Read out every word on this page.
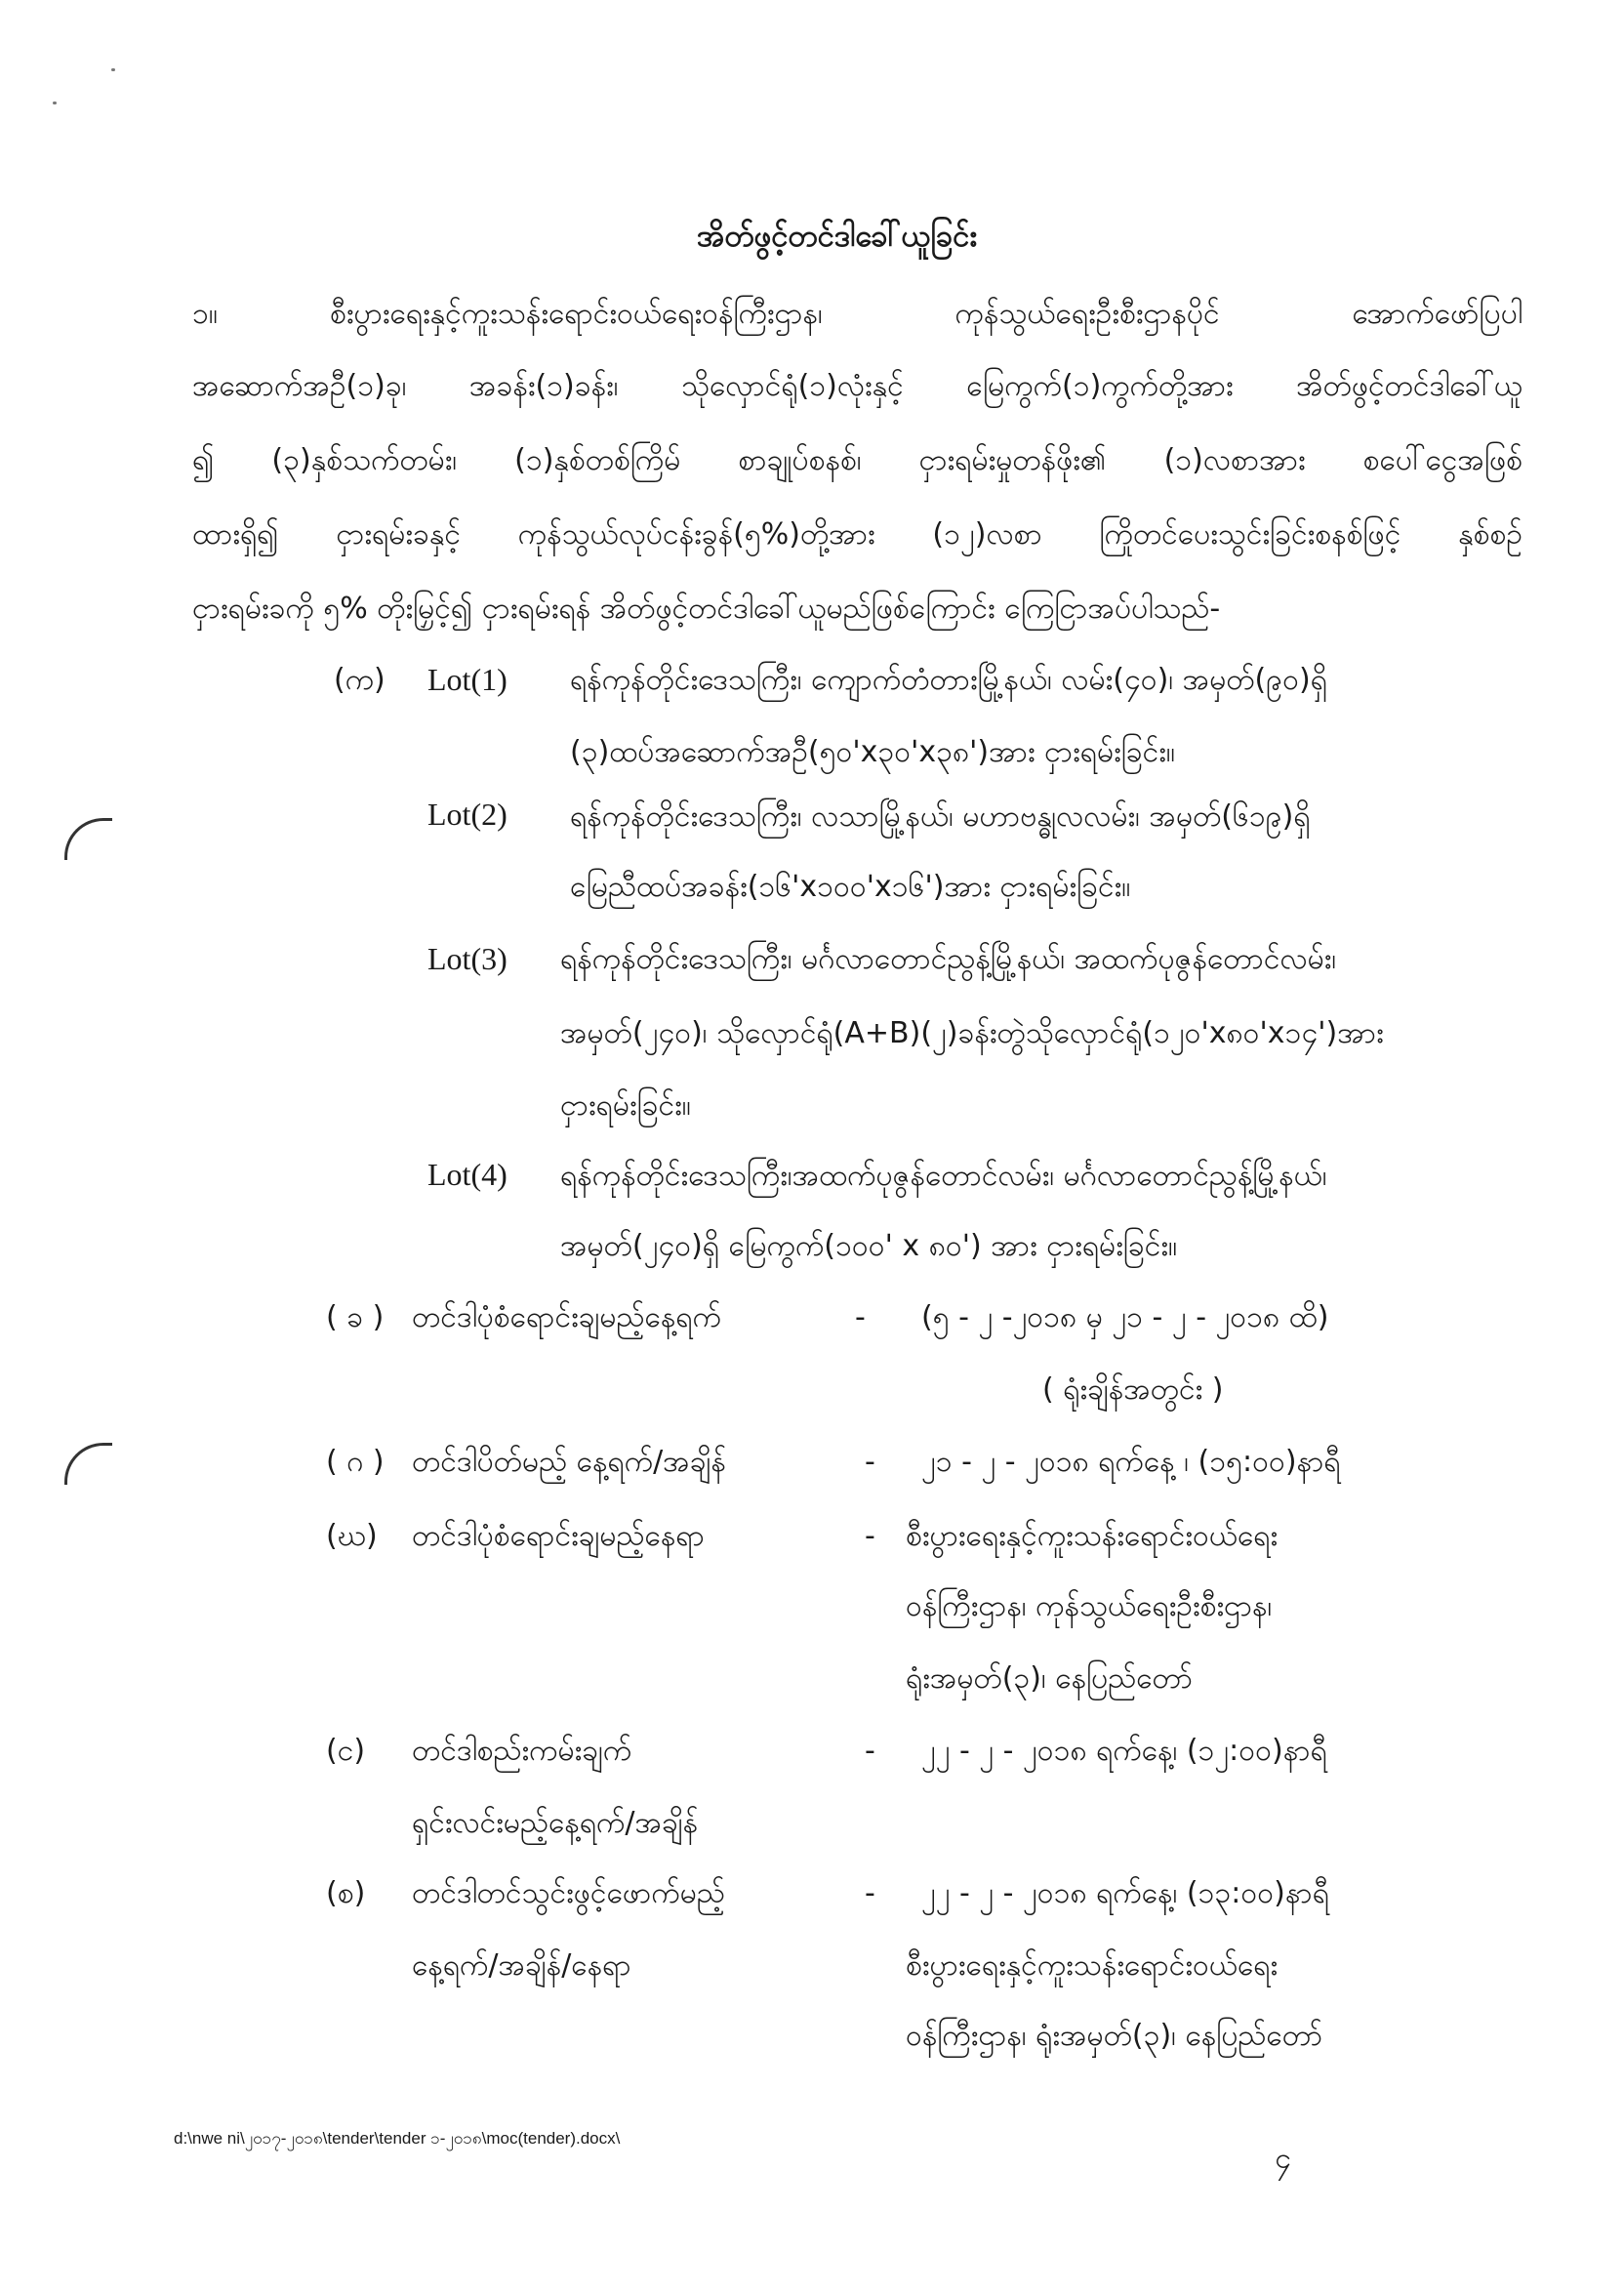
အိတ်ဖွင့်တင်ဒါခေါ်ယူခြင်း
၁။	စီးပွားရေးနှင့်ကူးသန်းရောင်းဝယ်ရေးဝန်ကြီးဌာန၊ ကုန်သွယ်ရေးဦးစီးဌာနပိုင် အောက်ဖော်ပြပါ
အဆောက်အဦ(၁)ခု၊ အခန်း(၁)ခန်း၊ သိုလှောင်ရုံ(၁)လုံးနှင့် မြေကွက်(၁)ကွက်တို့အား အိတ်ဖွင့်တင်ဒါခေါ်ယူ
၍ (၃)နှစ်သက်တမ်း၊ (၁)နှစ်တစ်ကြိမ် စာချုပ်စနစ်၊ ငှားရမ်းမှုတန်ဖိုး၏ (၁)လစာအား စပေါ်ငွေအဖြစ်
ထားရှိ၍ ငှားရမ်းခနှင့် ကုန်သွယ်လုပ်ငန်းခွန်(၅%)တို့အား (၁၂)လစာ ကြိုတင်ပေးသွင်းခြင်းစနစ်ဖြင့် နှစ်စဉ်
ငှားရမ်းခကို ၅% တိုးမြှင့်၍ ငှားရမ်းရန် အိတ်ဖွင့်တင်ဒါခေါ်ယူမည်ဖြစ်ကြောင်း ကြေငြာအပ်ပါသည်-
(က) Lot(1) ရန်ကုန်တိုင်းဒေသကြီး၊ ကျောက်တံတားမြို့နယ်၊ လမ်း(၄၀)၊ အမှတ်(၉၀)ရှိ
(၃)ထပ်အဆောက်အဦ(၅၀'x၃၀'x၃၈')အား ငှားရမ်းခြင်း။
Lot(2) ရန်ကုန်တိုင်းဒေသကြီး၊ လသာမြို့နယ်၊ မဟာဗန္ဓုလလမ်း၊ အမှတ်(၆၁၉)ရှိ
မြေညီထပ်အခန်း(၁၆'x၁၀၀'x၁၆')အား ငှားရမ်းခြင်း။
Lot(3) ရန်ကုန်တိုင်းဒေသကြီး၊ မင်္ဂလာတောင်ညွန့်မြို့နယ်၊ အထက်ပုဇွန်တောင်လမ်း၊
အမှတ်(၂၄၀)၊ သိုလှောင်ရုံ(A+B)(၂)ခန်းတွဲသိုလှောင်ရုံ(၁၂၀'x၈၀'x၁၄')အား
ငှားရမ်းခြင်း။
Lot(4) ရန်ကုန်တိုင်းဒေသကြီး၊အထက်ပုဇွန်တောင်လမ်း၊ မင်္ဂလာတောင်ညွန့်မြို့နယ်၊
အမှတ်(၂၄၀)ရှိ မြေကွက်(၁၀၀' x ၈၀') အား ငှားရမ်းခြင်း။
( ခ ) တင်ဒါပုံစံရောင်းချမည့်နေ့ရက်	- (၅ - ၂ -၂၀၁၈ မှ ၂၁ - ၂ - ၂၀၁၈ ထိ)
( ရုံးချိန်အတွင်း )
( ဂ ) တင်ဒါပိတ်မည့် နေ့ရက်/အချိန်	- ၂၁ - ၂ - ၂၀၁၈ ရက်နေ့ ၊ (၁၅:၀၀)နာရီ
(ဃ) တင်ဒါပုံစံရောင်းချမည့်နေရာ	- စီးပွားရေးနှင့်ကူးသန်းရောင်းဝယ်ရေး
ဝန်ကြီးဌာန၊ ကုန်သွယ်ရေးဦးစီးဌာန၊
ရုံးအမှတ်(၃)၊ နေပြည်တော်
(င) တင်ဒါစည်းကမ်းချက်
ရှင်းလင်းမည့်နေ့ရက်/အချိန်
- ၂၂ - ၂ - ၂၀၁၈ ရက်နေ့၊ (၁၂:၀၀)နာရီ
(စ) တင်ဒါတင်သွင်းဖွင့်ဖောက်မည့်
နေ့ရက်/အချိန်/နေရာ
- ၂၂ - ၂ - ၂၀၁၈ ရက်နေ့၊ (၁၃:၀၀)နာရီ
စီးပွားရေးနှင့်ကူးသန်းရောင်းဝယ်ရေး
ဝန်ကြီးဌာန၊ ရုံးအမှတ်(၃)၊ နေပြည်တော်
d:\nwe ni\၂၀၁၇-၂၀၁၈\tender\tender ၁-၂၀၁၈\moc(tender).docx\
၄
